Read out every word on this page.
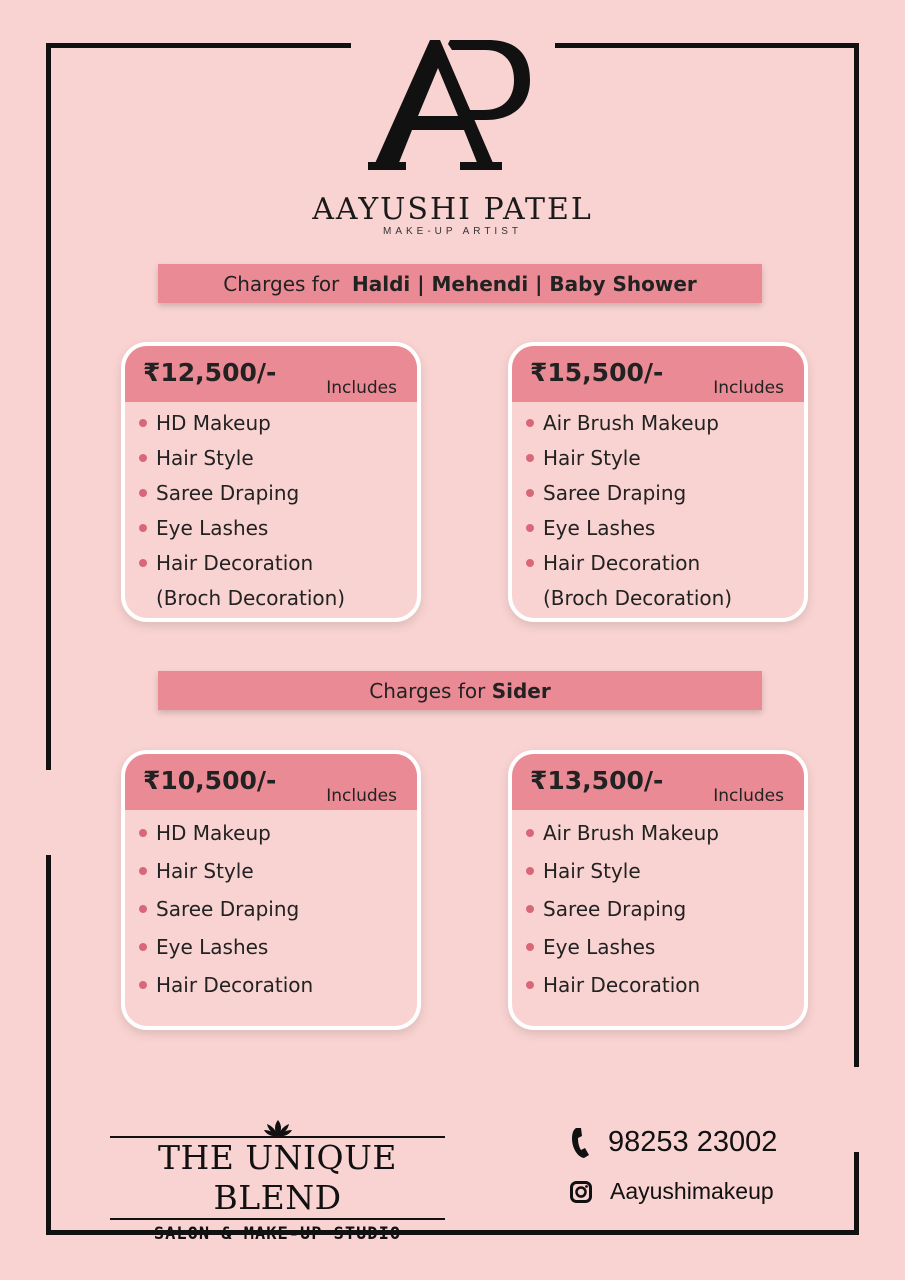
AAYUSHI PATEL
MAKE-UP ARTIST
Charges for
Haldi | Mehendi | Baby Shower
₹12,500/-
Includes
HD Makeup
Hair Style
Saree Draping
Eye Lashes
Hair Decoration
(Broch Decoration)
₹15,500/-
Includes
Air Brush Makeup
Hair Style
Saree Draping
Eye Lashes
Hair Decoration
(Broch Decoration)
Charges for
Sider
₹10,500/-
Includes
HD Makeup
Hair Style
Saree Draping
Eye Lashes
Hair Decoration
₹13,500/-
Includes
Air Brush Makeup
Hair Style
Saree Draping
Eye Lashes
Hair Decoration
THE UNIQUE BLEND
SALON & MAKE-UP STUDIO
98253 23002
Aayushimakeup
